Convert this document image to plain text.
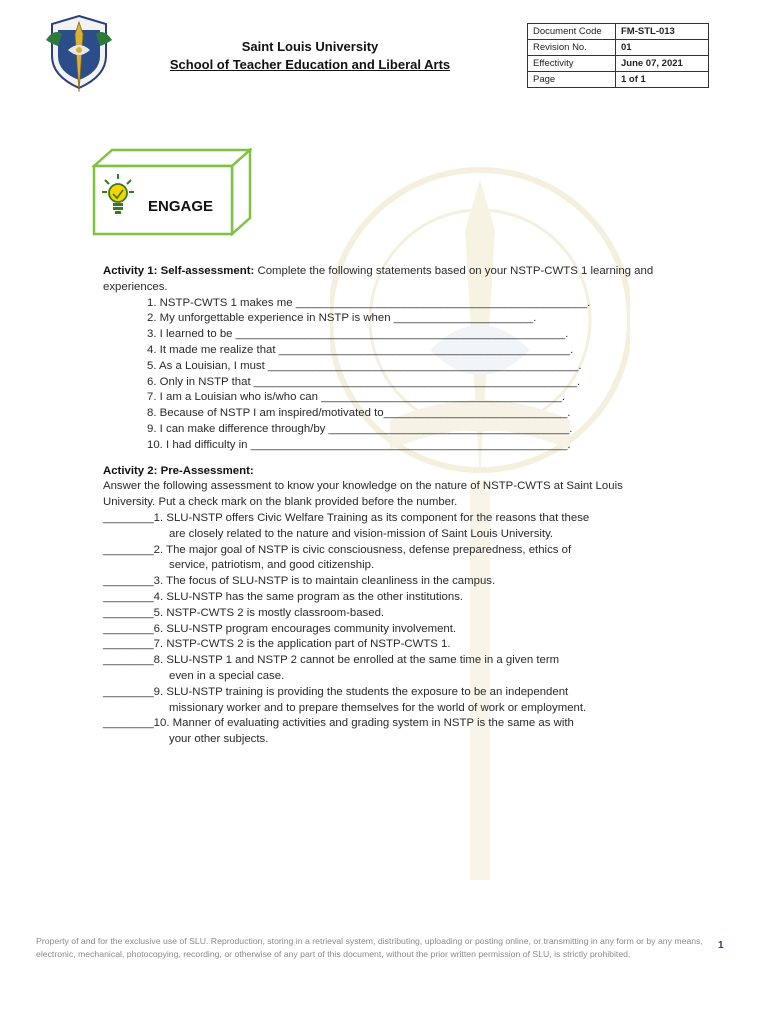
Saint Louis University
School of Teacher Education and Liberal Arts
Document Code	FM-STL-013
Revision No.	01
Effectivity	June 07, 2021
Page	1 of 1
ENGAGE

Activity 1: Self-assessment: Complete the following statements based on your NSTP-CWTS 1 learning and experiences.

1. NSTP-CWTS 1 makes me ______________________________________________.
2. My unforgettable experience in NSTP is when ______________________.
3. I learned to be ____________________________________________________.
4. It made me realize that ______________________________________________.
5. As a Louisian, I must _________________________________________________.
6. Only in NSTP that ___________________________________________________.
7. I am a Louisian who is/who can ______________________________________.
8. Because of NSTP I am inspired/motivated to_____________________________.
9. I can make difference through/by ______________________________________.
10. I had difficulty in __________________________________________________.

Activity 2: Pre-Assessment:

Answer the following assessment to know your knowledge on the nature of NSTP-CWTS at Saint Louis University. Put a check mark on the blank provided before the number.

________1. SLU-NSTP offers Civic Welfare Training as its component for the reasons that these
are closely related to the nature and vision-mission of Saint Louis University.
________2. The major goal of NSTP is civic consciousness, defense preparedness, ethics of
service, patriotism, and good citizenship.
________3. The focus of SLU-NSTP is to maintain cleanliness in the campus.
________4. SLU-NSTP has the same program as the other institutions.
________5. NSTP-CWTS 2 is mostly classroom-based.
________6. SLU-NSTP program encourages community involvement.
________7. NSTP-CWTS 2 is the application part of NSTP-CWTS 1.
________8. SLU-NSTP 1 and NSTP 2 cannot be enrolled at the same time in a given term
even in a special case.
________9. SLU-NSTP training is providing the students the exposure to be an independent
missionary worker and to prepare themselves for the world of work or employment.
________10. Manner of evaluating activities and grading system in NSTP is the same as with
your other subjects.
Property of and for the exclusive use of SLU. Reproduction, storing in a retrieval system, distributing, uploading or posting online, or transmitting in any form or by any means, electronic, mechanical, photocopying, recording, or otherwise of any part of this document, without the prior written permission of SLU, is strictly prohibited.
1
